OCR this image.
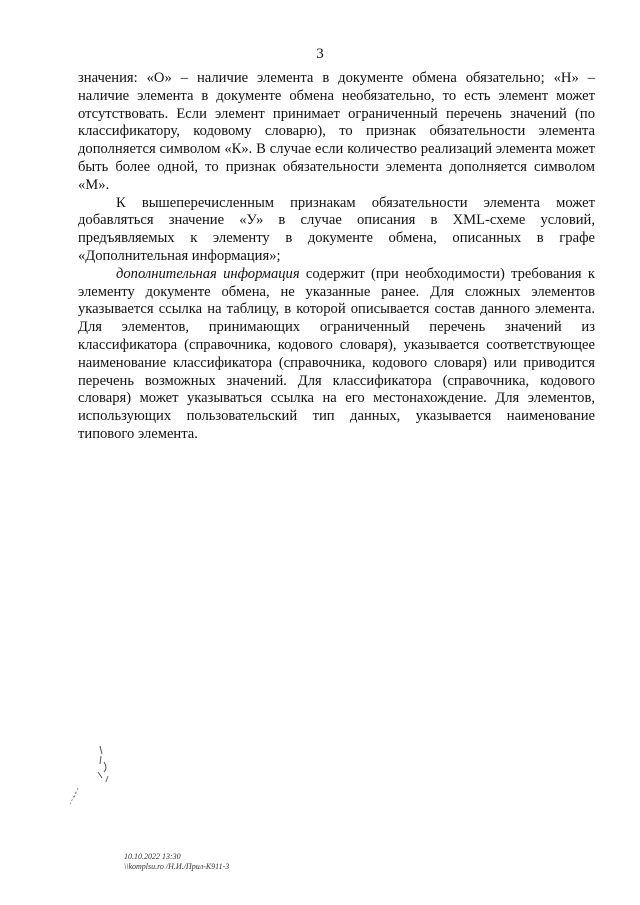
3

значения: «О» – наличие элемента в документе обмена обязательно; «Н» – наличие элемента в документе обмена необязательно, то есть элемент может отсутствовать. Если элемент принимает ограниченный перечень значений (по классификатору, кодовому словарю), то признак обязательности элемента дополняется символом «К». В случае если количество реализаций элемента может быть более одной, то признак обязательности элемента дополняется символом «М».

К вышеперечисленным признакам обязательности элемента может добавляться значение «У» в случае описания в XML-схеме условий, предъявляемых к элементу в документе обмена, описанных в графе «Дополнительная информация»;

дополнительная информация содержит (при необходимости) требования к элементу документе обмена, не указанные ранее. Для сложных элементов указывается ссылка на таблицу, в которой описывается состав данного элемента. Для элементов, принимающих ограниченный перечень значений из классификатора (справочника, кодового словаря), указывается соответствующее наименование классификатора (справочника, кодового словаря) или приводится перечень возможных значений. Для классификатора (справочника, кодового словаря) может указываться ссылка на его местонахождение. Для элементов, использующих пользовательский тип данных, указывается наименование типового элемента.

10.10.2022 13:30
\\komplsu.ro /Н.И./Прил-К911-3
